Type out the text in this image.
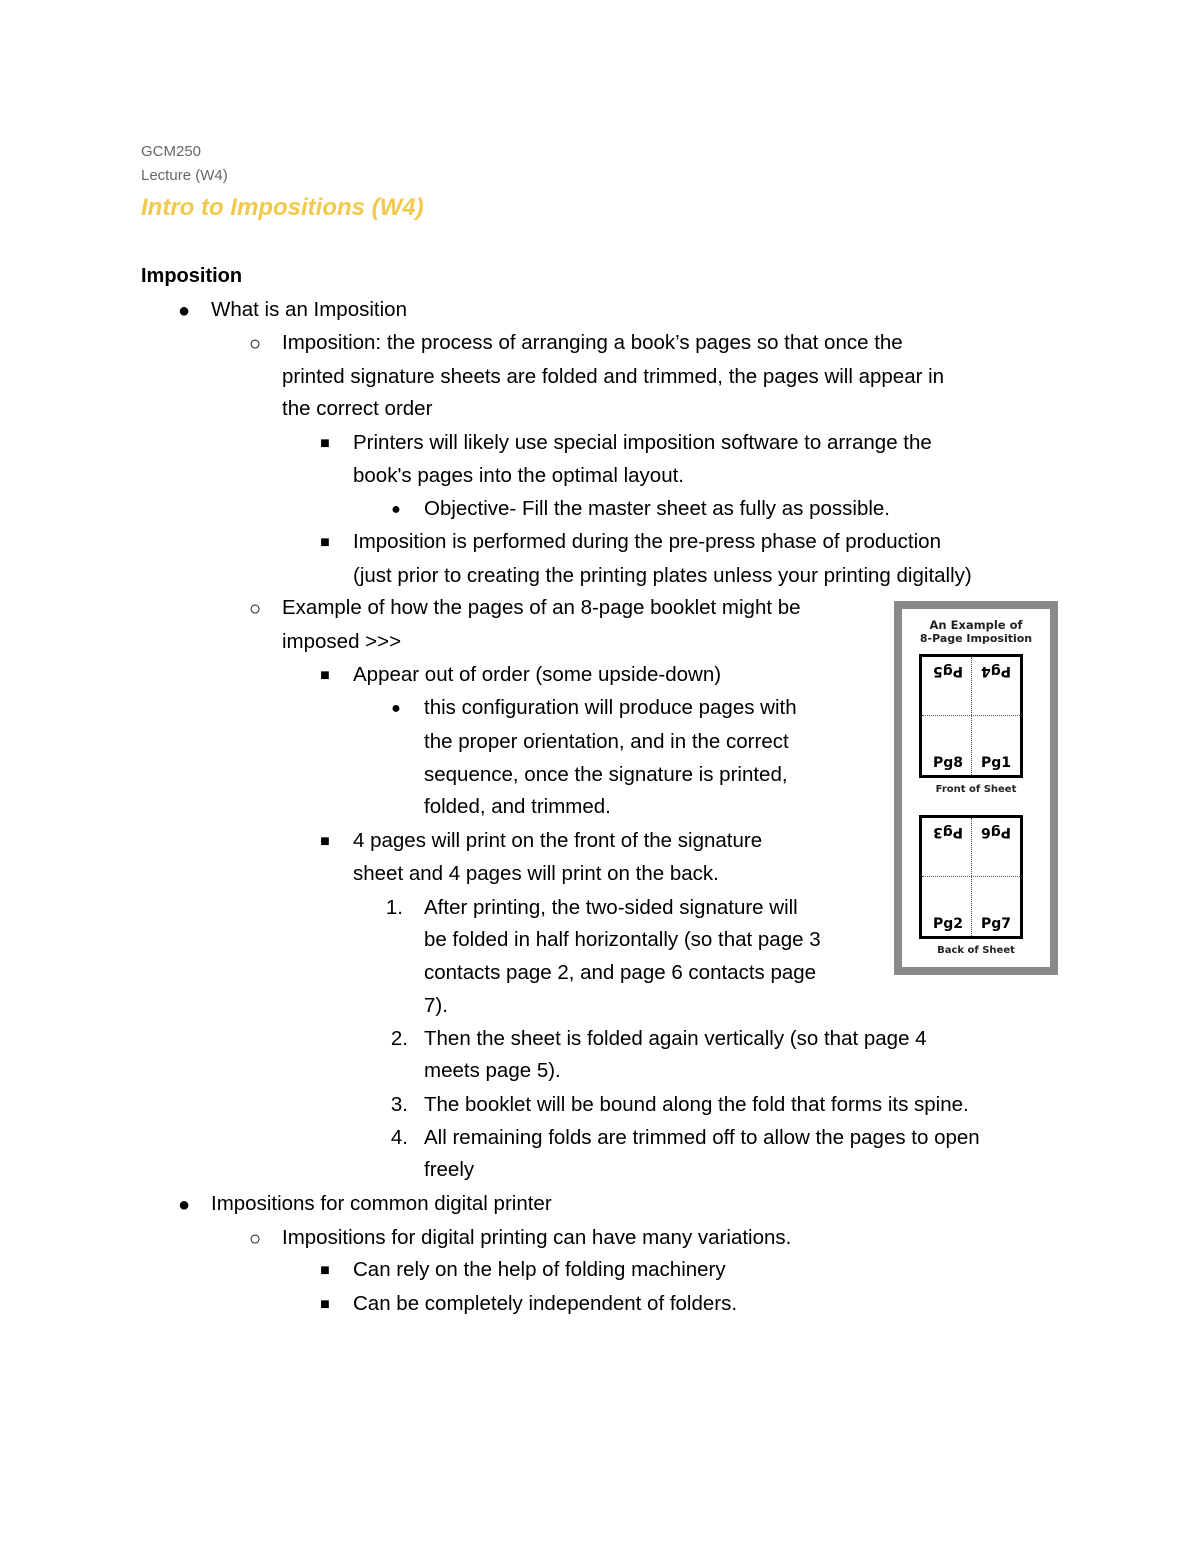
GCM250
Lecture (W4)
Intro to Impositions (W4)
Imposition
● What is an Imposition
○ Imposition: the process of arranging a book’s pages so that once the
printed signature sheets are folded and trimmed, the pages will appear in
the correct order
■	Printers will likely use special imposition software to arrange the
book's pages into the optimal layout.
●	Objective- Fill the master sheet as fully as possible.
■	Imposition is performed during the pre-press phase of production
(just prior to creating the printing plates unless your printing digitally)
○ Example of how the pages of an 8-page booklet might be
imposed >>>
■	Appear out of order (some upside-down)
●	this configuration will produce pages with
the proper orientation, and in the correct
sequence, once the signature is printed,
folded, and trimmed.
■	4 pages will print on the front of the signature
sheet and 4 pages will print on the back.
1. After printing, the two-sided signature will
be folded in half horizontally (so that page 3
contacts page 2, and page 6 contacts page
7).
2. Then the sheet is folded again vertically (so that page 4
meets page 5).
3. The booklet will be bound along the fold that forms its spine.
4. All remaining folds are trimmed off to allow the pages to open
freely
● Impositions for common digital printer
○ Impositions for digital printing can have many variations.
■	Can rely on the help of folding machinery
■	Can be completely independent of folders.
An Example of
8-Page Imposition
Pg5	Pg4
Pg8	Pg1
Front of Sheet
Pg3	Pg6
Pg2	Pg7
Back of Sheet
